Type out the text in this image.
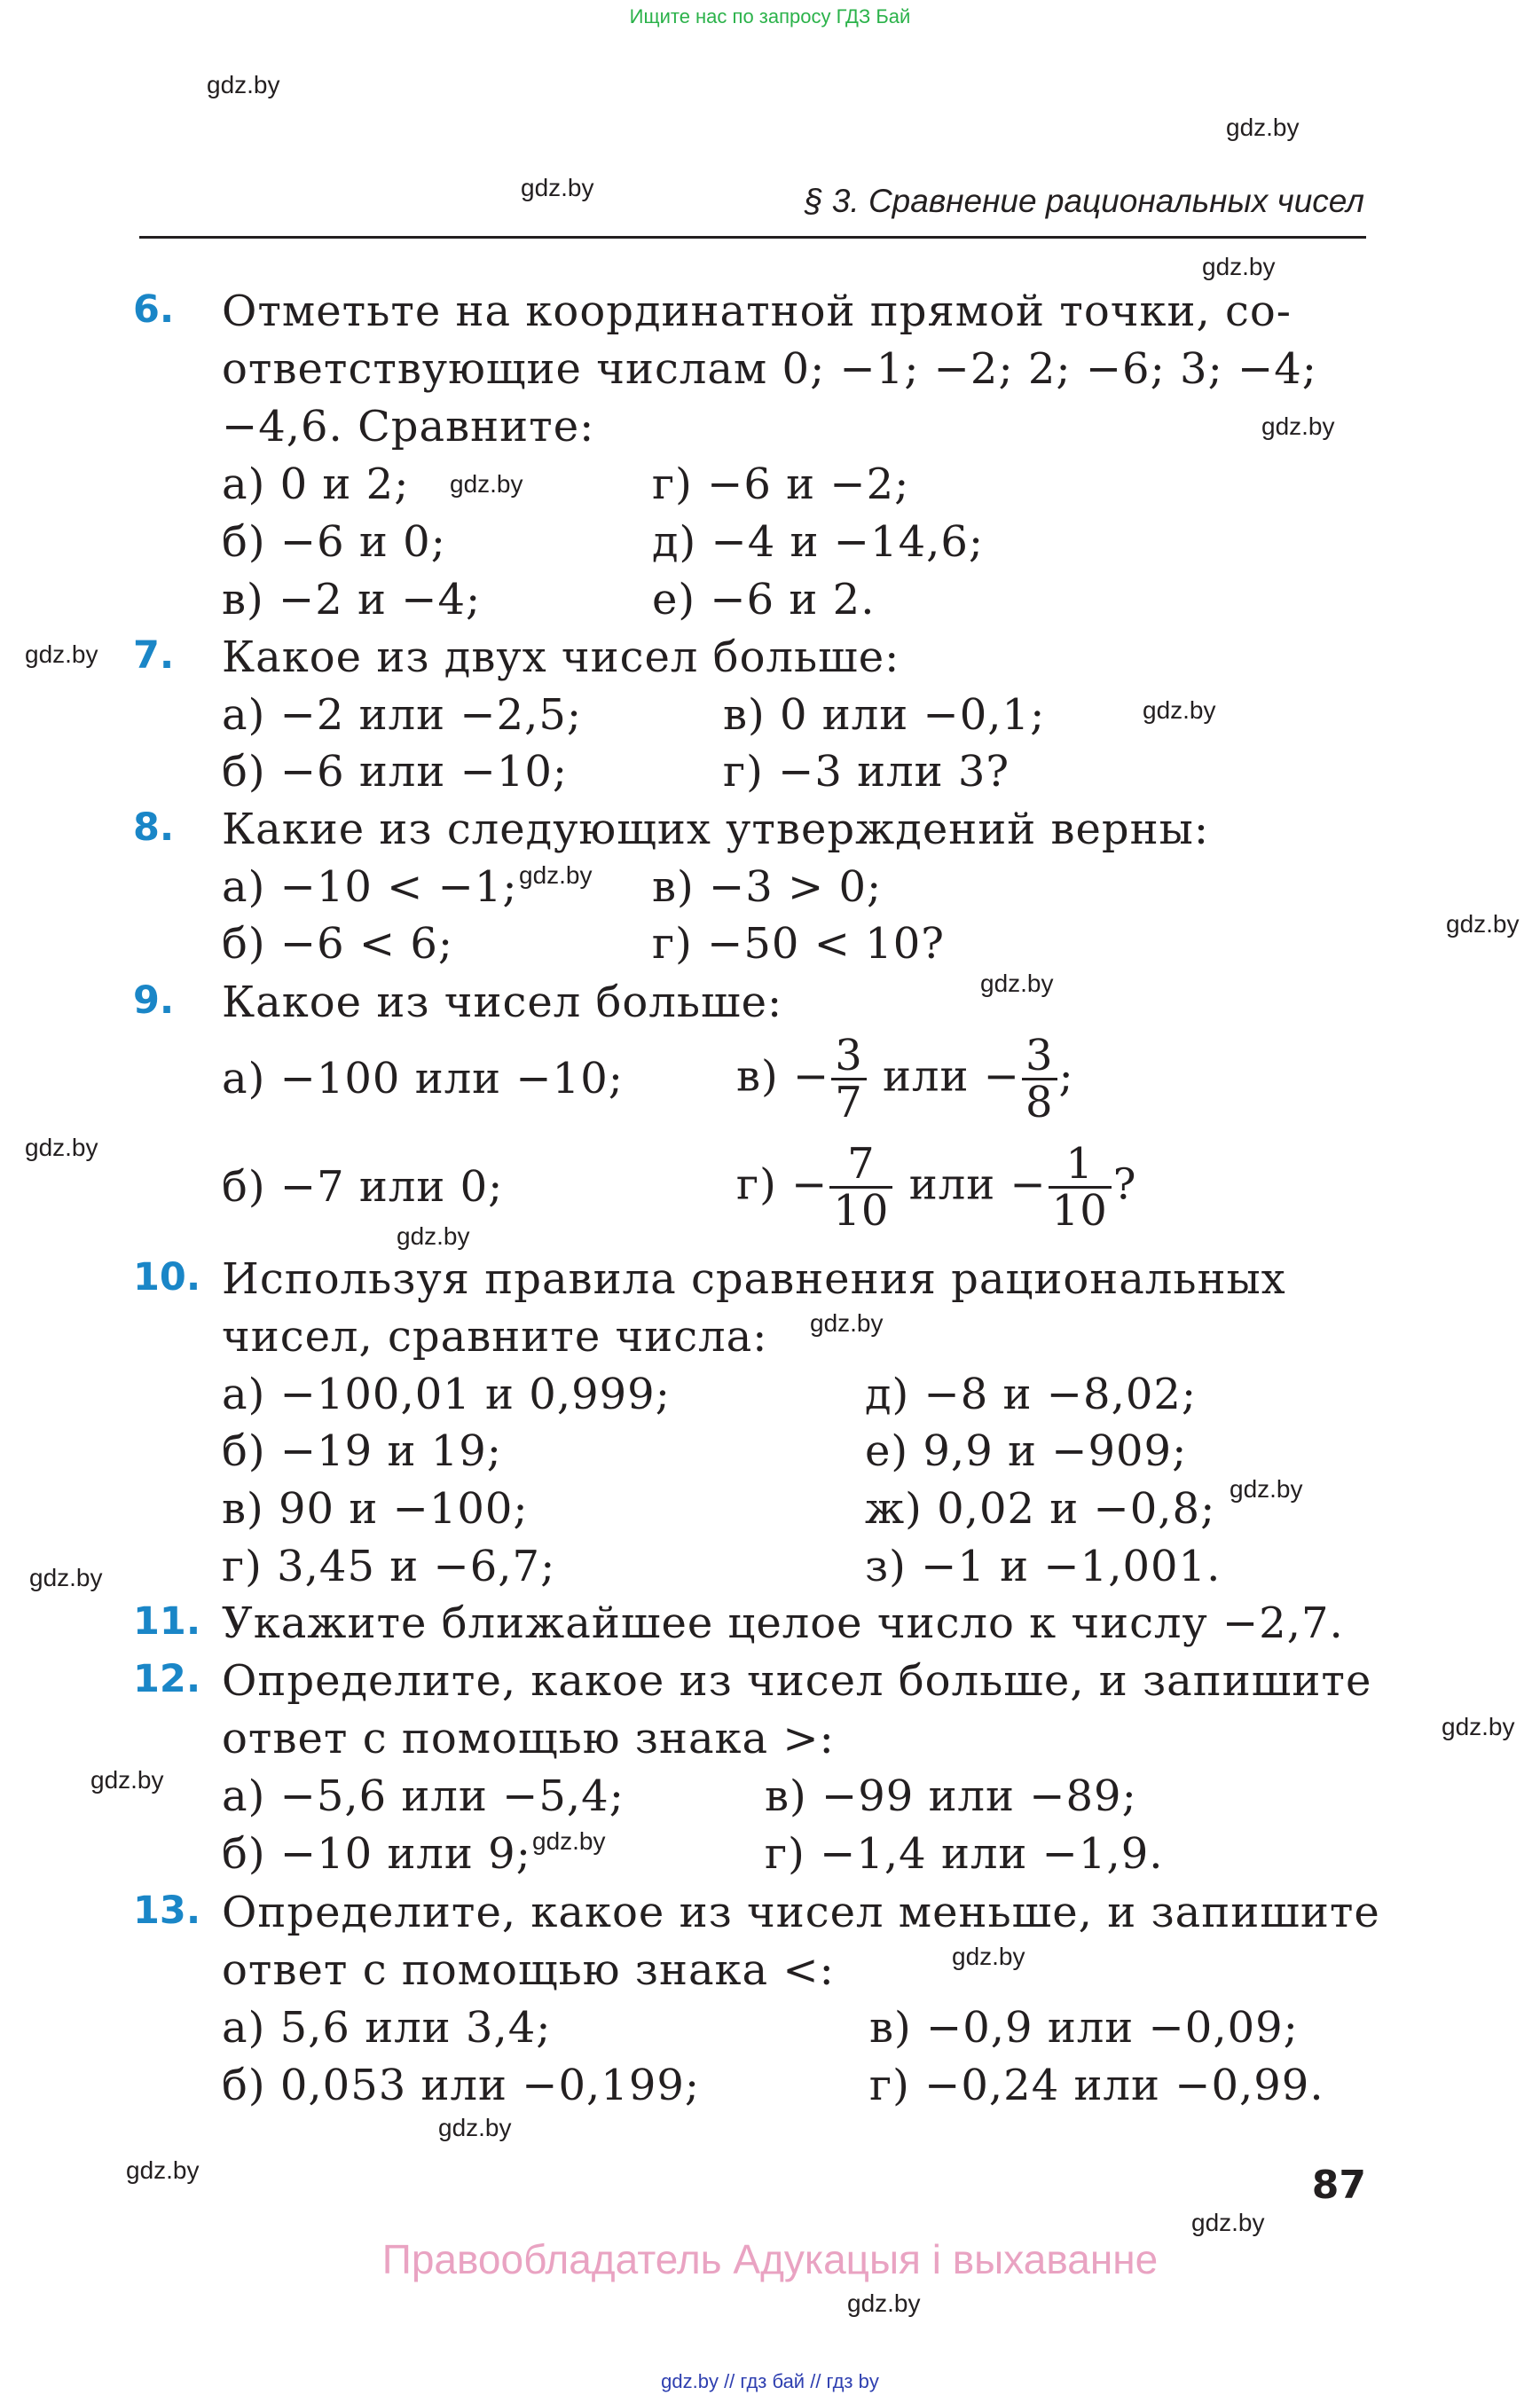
Ищите нас по запросу ГДЗ Бай
§ 3. Сравнение рациональных чисел
6. Отметьте на координатной прямой точки, со-
ответствующие числам 0; −1; −2; 2; −6; 3; −4;
−4,6. Сравните:
а) 0 и 2;	г) −6 и −2;
б) −6 и 0;	д) −4 и −14,6;
в) −2 и −4;	е) −6 и 2.
7. Какое из двух чисел больше:
а) −2 или −2,5;	в) 0 или −0,1;
б) −6 или −10;	г) −3 или 3?
8. Какие из следующих утверждений верны:
а) −10 < −1;	в) −3 > 0;
б) −6 < 6;	г) −50 < 10?
9. Какое из чисел больше:
а) −100 или −10;	$в) - \frac{3}{7}$ или − $\frac{3}{8}$ ;
б) −7 или 0;	$г) - \frac{7}{10}$ или − $\frac{1}{10}$ ?
10. Используя правила сравнения рациональных
чисел, сравните числа:
а) −100,01 и 0,999;	д) −8 и −8,02;
б) −19 и 19;	е) 9,9 и −909;
в) 90 и −100;	ж) 0,02 и −0,8;
г) 3,45 и −6,7;	з) −1 и −1,001.
11. Укажите ближайшее целое число к числу −2,7.
12. Определите, какое из чисел больше, и запишите
ответ с помощью знака >:
а) −5,6 или −5,4;	в) −99 или −89;
б) −10 или 9;	г) −1,4 или −1,9.
13. Определите, какое из чисел меньше, и запишите
ответ с помощью знака <:
а) 5,6 или 3,4;	в) −0,9 или −0,09;
б) 0,053 или −0,199;	г) −0,24 или −0,99.
87
Правообладатель Адукацыя і выхаванне
gdz.by // гдз бай // гдз by
gdz.by
gdz.by
gdz.by
gdz.by
gdz.by
gdz.by
gdz.by
gdz.by
gdz.by
gdz.by
gdz.by
gdz.by
gdz.by
gdz.by
gdz.by
gdz.by
gdz.by
gdz.by
gdz.by
gdz.by
gdz.by
gdz.by
gdz.by
gdz.by
